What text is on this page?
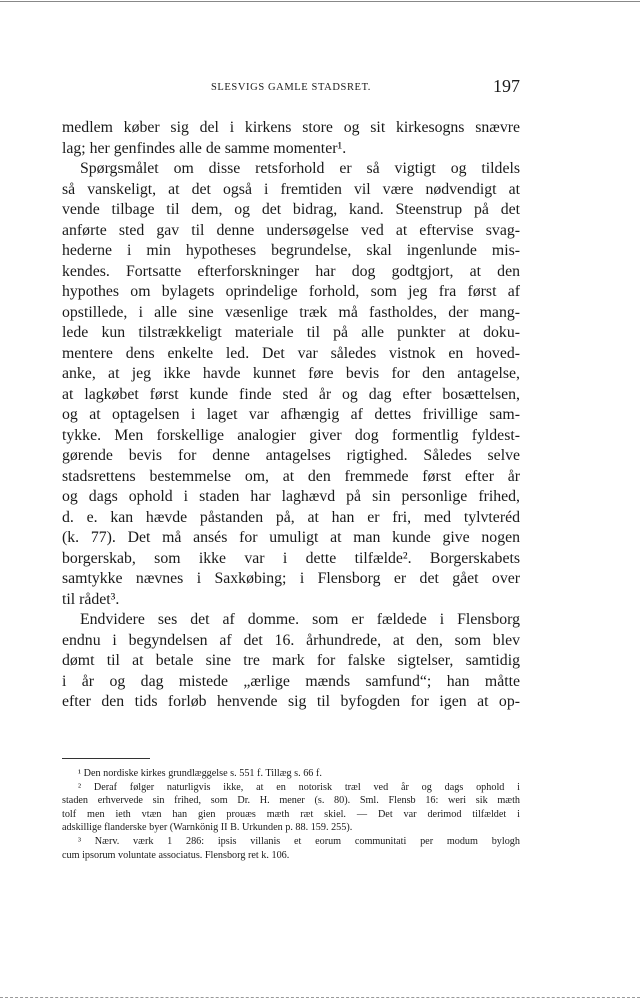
SLESVIGS GAMLE STADSRET.	197
medlem køber sig del i kirkens store og sit kirkesogns snævre
lag; her genfindes alle de samme momenter¹.
Spørgsmålet om disse retsforhold er så vigtigt og tildels
så vanskeligt, at det også i fremtiden vil være nødvendigt at
vende tilbage til dem, og det bidrag, kand. Steenstrup på det
anførte sted gav til denne undersøgelse ved at eftervise svag-
hederne i min hypotheses begrundelse, skal ingenlunde mis-
kendes. Fortsatte efterforskninger har dog godtgjort, at den
hypothes om bylagets oprindelige forhold, som jeg fra først af
opstillede, i alle sine væsenlige træk må fastholdes, der mang-
lede kun tilstrækkeligt materiale til på alle punkter at doku-
mentere dens enkelte led. Det var således vistnok en hoved-
anke, at jeg ikke havde kunnet føre bevis for den antagelse,
at lagkøbet først kunde finde sted år og dag efter bosættelsen,
og at optagelsen i laget var afhængig af dettes frivillige sam-
tykke. Men forskellige analogier giver dog formentlig fyldest-
gørende bevis for denne antagelses rigtighed. Således selve
stadsrettens bestemmelse om, at den fremmede først efter år
og dags ophold i staden har laghævd på sin personlige frihed,
d. e. kan hævde påstanden på, at han er fri, med tylvteréd
(k. 77). Det må ansés for umuligt at man kunde give nogen
borgerskab, som ikke var i dette tilfælde². Borgerskabets
samtykke nævnes i Saxkøbing; i Flensborg er det gået over
til rådet³.
Endvidere ses det af domme. som er fældede i Flensborg
endnu i begyndelsen af det 16. århundrede, at den, som blev
dømt til at betale sine tre mark for falske sigtelser, samtidig
i år og dag mistede „ærlige mænds samfund“; han måtte
efter den tids forløb henvende sig til byfogden for igen at op-
¹ Den nordiske kirkes grundlæggelse s. 551 f. Tillæg s. 66 f.
² Deraf følger naturligvis ikke, at en notorisk træl ved år og dags ophold i
staden erhvervede sin frihed, som Dr. H. mener (s. 80). Sml. Flensb 16: weri sik mæth
tolf men ieth vtæn han gien prouæs mæth ræt skiel. — Det var derimod tilfældet i
adskillige flanderske byer (Warnkönig II B. Urkunden p. 88. 159. 255).
³ Nærv. værk 1 286: ipsis villanis et eorum communitati per modum bylogh
cum ipsorum voluntate associatus. Flensborg ret k. 106.
